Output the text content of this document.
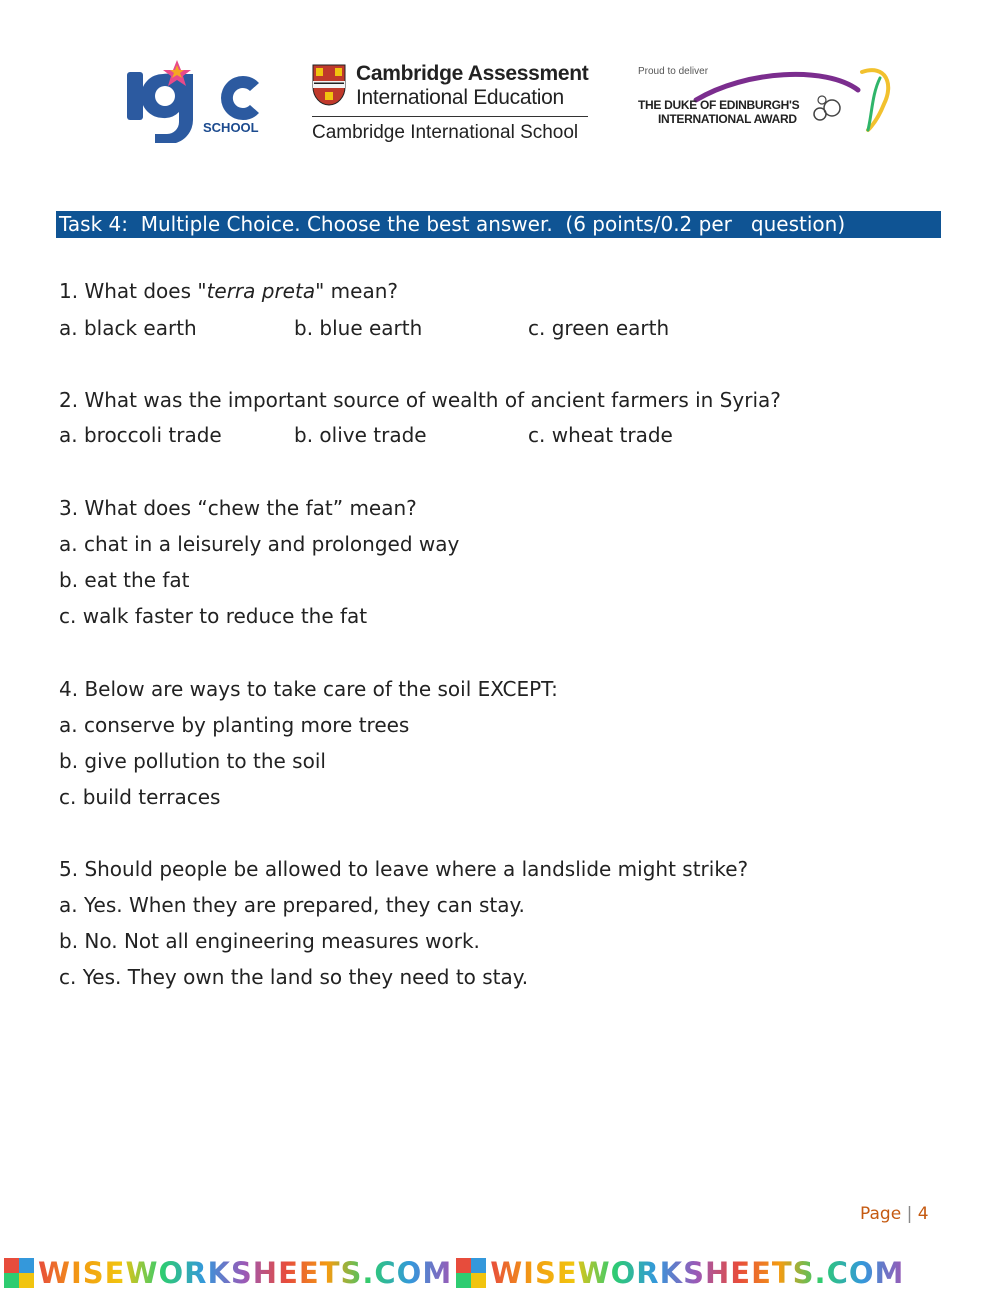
SCHOOL
Cambridge Assessment
International Education
Cambridge International School
Proud to deliver
THE DUKE OF EDINBURGH'S
INTERNATIONAL AWARD
Task 4:  Multiple Choice. Choose the best answer.  (6 points/0.2 per   question)
1. What does "terra preta" mean?
a. black earth	b. blue earth	c. green earth
2. What was the important source of wealth of ancient farmers in Syria?
a. broccoli trade	b. olive trade	c. wheat trade
3. What does “chew the fat” mean?
a. chat in a leisurely and prolonged way
b. eat the fat
c. walk faster to reduce the fat
4. Below are ways to take care of the soil EXCEPT:
a. conserve by planting more trees
b. give pollution to the soil
c. build terraces
5. Should people be allowed to leave where a landslide might strike?
a. Yes. When they are prepared, they can stay.
b. No. Not all engineering measures work.
c. Yes. They own the land so they need to stay.
Page | 4
WISEWORKSHEETS.COM WISEWORKSHEETS.COM
